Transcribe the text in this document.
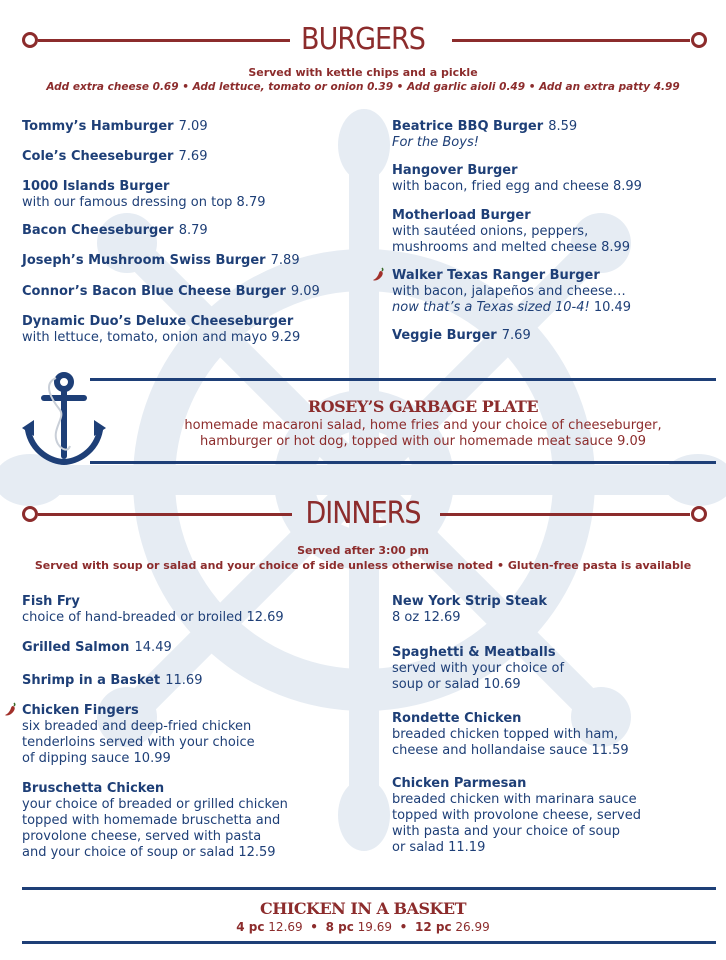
BURGERS
Served with kettle chips and a pickle
Add extra cheese 0.69 • Add lettuce, tomato or onion 0.39 • Add garlic aioli 0.49 • Add an extra patty 4.99
Tommy’s Hamburger 7.09
Cole’s Cheeseburger 7.69
1000 Islands Burger
with our famous dressing on top 8.79
Bacon Cheeseburger 8.79
Joseph’s Mushroom Swiss Burger 7.89
Connor’s Bacon Blue Cheese Burger 9.09
Dynamic Duo’s Deluxe Cheeseburger
with lettuce, tomato, onion and mayo 9.29
Beatrice BBQ Burger 8.59
For the Boys!
Hangover Burger
with bacon, fried egg and cheese 8.99
Motherload Burger
with sautéed onions, peppers,
mushrooms and melted cheese 8.99
Walker Texas Ranger Burger
with bacon, jalapeños and cheese…
now that’s a Texas sized 10-4! 10.49
Veggie Burger 7.69
ROSEY’S GARBAGE PLATE
homemade macaroni salad, home fries and your choice of cheeseburger,
hamburger or hot dog, topped with our homemade meat sauce 9.09
DINNERS
Served after 3:00 pm
Served with soup or salad and your choice of side unless otherwise noted • Gluten-free pasta is available
Fish Fry
choice of hand-breaded or broiled 12.69
Grilled Salmon 14.49
Shrimp in a Basket 11.69
Chicken Fingers
six breaded and deep-fried chicken
tenderloins served with your choice
of dipping sauce 10.99
Bruschetta Chicken
your choice of breaded or grilled chicken
topped with homemade bruschetta and
provolone cheese, served with pasta
and your choice of soup or salad 12.59
New York Strip Steak
8 oz 12.69
Spaghetti & Meatballs
served with your choice of
soup or salad 10.69
Rondette Chicken
breaded chicken topped with ham,
cheese and hollandaise sauce 11.59
Chicken Parmesan
breaded chicken with marinara sauce
topped with provolone cheese, served
with pasta and your choice of soup
or salad 11.19
CHICKEN IN A BASKET
4 pc 12.69 • 8 pc 19.69 • 12 pc 26.99
